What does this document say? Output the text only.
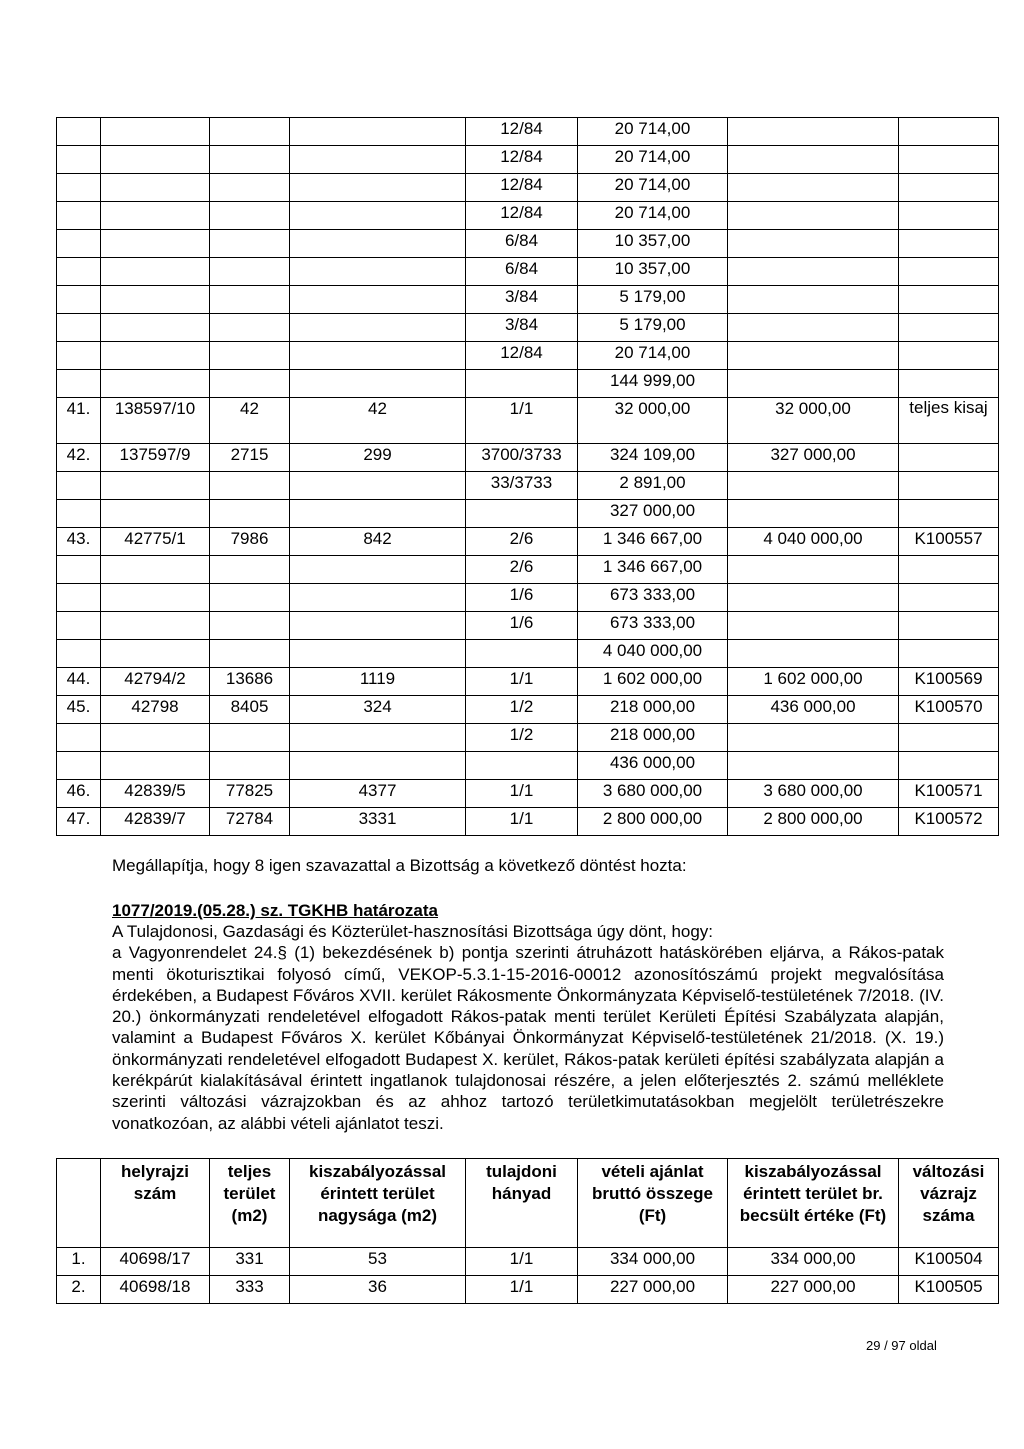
				12/84	20 714,00		
				12/84	20 714,00		
				12/84	20 714,00		
				12/84	20 714,00		
				6/84	10 357,00		
				6/84	10 357,00		
				3/84	5 179,00		
				3/84	5 179,00		
				12/84	20 714,00		
					144 999,00		
41.	138597/10	42	42	1/1	32 000,00	32 000,00	teljes kisaj
42.	137597/9	2715	299	3700/3733	324 109,00	327 000,00	
				33/3733	2 891,00		
					327 000,00		
43.	42775/1	7986	842	2/6	1 346 667,00	4 040 000,00	K100557
				2/6	1 346 667,00		
				1/6	673 333,00		
				1/6	673 333,00		
					4 040 000,00		
44.	42794/2	13686	1119	1/1	1 602 000,00	1 602 000,00	K100569
45.	42798	8405	324	1/2	218 000,00	436 000,00	K100570
				1/2	218 000,00		
					436 000,00		
46.	42839/5	77825	4377	1/1	3 680 000,00	3 680 000,00	K100571
47.	42839/7	72784	3331	1/1	2 800 000,00	2 800 000,00	K100572
Megállapítja, hogy 8 igen szavazattal a Bizottság a következő döntést hozta:
1077/2019.(05.28.) sz. TGKHB határozata
A Tulajdonosi, Gazdasági és Közterület-hasznosítási Bizottsága úgy dönt, hogy:
a Vagyonrendelet 24.§ (1) bekezdésének b) pontja szerinti átruházott hatáskörében eljárva, a Rákos-patak menti ökoturisztikai folyosó című, VEKOP-5.3.1-15-2016-00012 azonosítószámú projekt megvalósítása érdekében, a Budapest Főváros XVII. kerület Rákosmente Önkormányzata Képviselő-testületének 7/2018. (IV. 20.) önkormányzati rendeletével elfogadott Rákos-patak menti terület Kerületi Építési Szabályzata alapján, valamint a Budapest Főváros X. kerület Kőbányai Önkormányzat Képviselő-testületének 21/2018. (X. 19.) önkormányzati rendeletével elfogadott Budapest X. kerület, Rákos-patak kerületi építési szabályzata alapján a kerékpárút kialakításával érintett ingatlanok tulajdonosai részére, a jelen előterjesztés 2. számú melléklete szerinti változási vázrajzokban és az ahhoz tartozó területkimutatásokban megjelölt területrészekre vonatkozóan, az alábbi vételi ajánlatot teszi.
	helyrajzi szám	teljes terület (m2)	kiszabályozással érintett terület nagysága (m2)	tulajdoni hányad	vételi ajánlat bruttó összege (Ft)	kiszabályozással érintett terület br. becsült értéke (Ft)	változási vázrajz száma
1.	40698/17	331	53	1/1	334 000,00	334 000,00	K100504
2.	40698/18	333	36	1/1	227 000,00	227 000,00	K100505
29 / 97 oldal
